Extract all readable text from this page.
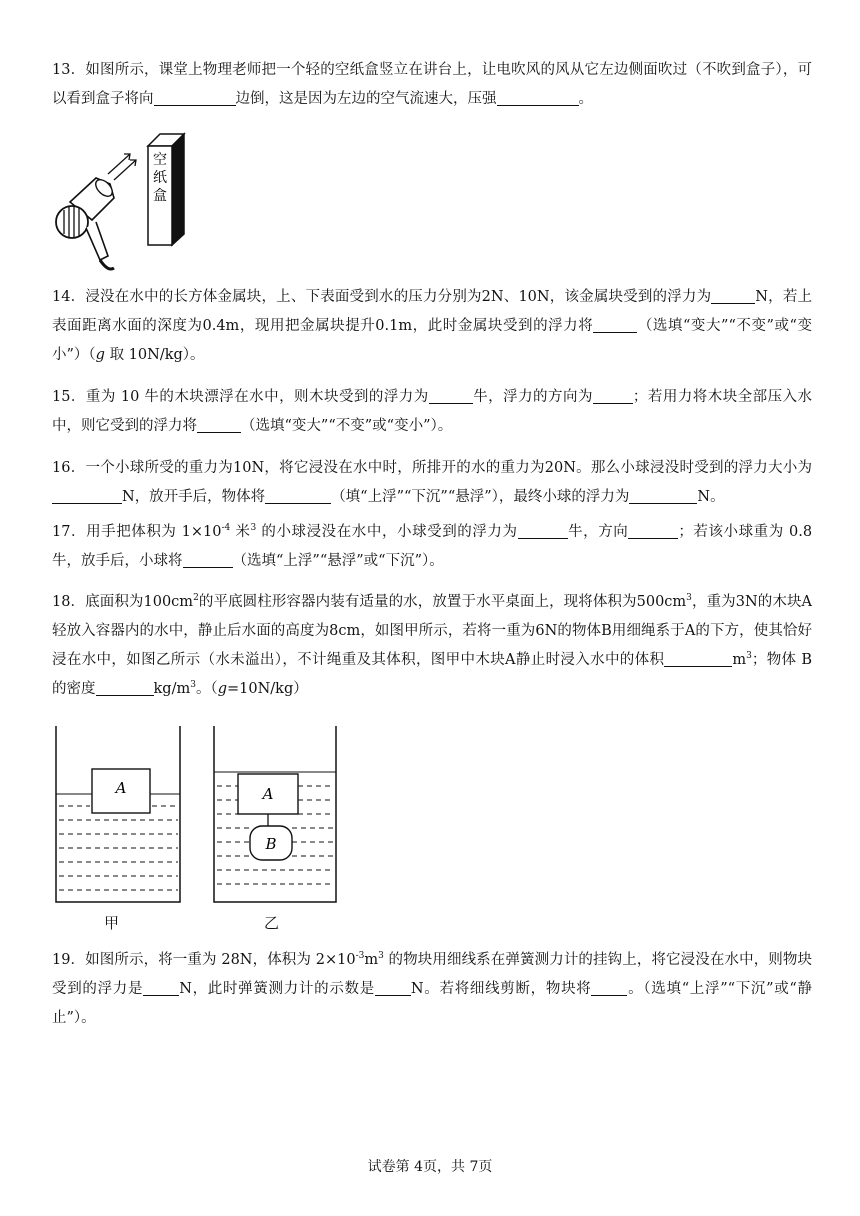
13．如图所示，课堂上物理老师把一个轻的空纸盒竖立在讲台上，让电吹风的风从它左边侧面吹过（不吹到盒子），可以看到盒子将向	边倒，这是因为左边的空气流速大，压强	。
空
纸
盒
14．浸没在水中的长方体金属块，上、下表面受到水的压力分别为2N、10N，该金属块受到的浮力为	N，若上表面距离水面的深度为0.4m，现用把金属块提升0.1m，此时金属块受到的浮力将	（选填“变大”“不变”或“变小”）（g 取 10N/kg）。
15．重为 10 牛的木块漂浮在水中，则木块受到的浮力为	牛，浮力的方向为	；若用力将木块全部压入水中，则它受到的浮力将	（选填“变大”“不变”或“变小”）。
16．一个小球所受的重力为10N，将它浸没在水中时，所排开的水的重力为20N。那么小球浸没时受到的浮力大小为N，放开手后，物体将	（填“上浮”“下沉”“悬浮”），最终小球的浮力为	N。
17．用手把体积为 $1\times 10^{-4}$ 米$^3$ 的小球浸没在水中，小球受到的浮力为	牛，方向	；若该小球重为 0.8 牛，放手后，小球将	（选填“上浮”“悬浮”或“下沉”）。
18．底面积为$100cm^2$的平底圆柱形容器内装有适量的水，放置于水平桌面上，现将体积为$500cm^3$，重为3N的木块A轻放入容器内的水中，静止后水面的高度为8cm，如图甲所示，若将一重为6N的物体B用细绳系于A的下方，使其恰好浸在水中，如图乙所示（水未溢出），不计绳重及其体积，图甲中木块A静止时浸入水中的体积	$m^3$；物体 B 的密度	$kg/m^3$。（g=10N/kg）
A
甲
A
B
乙
19．如图所示，将一重为 28N，体积为 $2\times 10^{-3}m^3$ 的物块用细线系在弹簧测力计的挂钩上，将它浸没在水中，则物块受到的浮力是 N，此时弹簧测力计的示数是 N。若将细线剪断，物块将 。（选填“上浮”“下沉”或“静止”）。
试卷第 4页，共 7页
